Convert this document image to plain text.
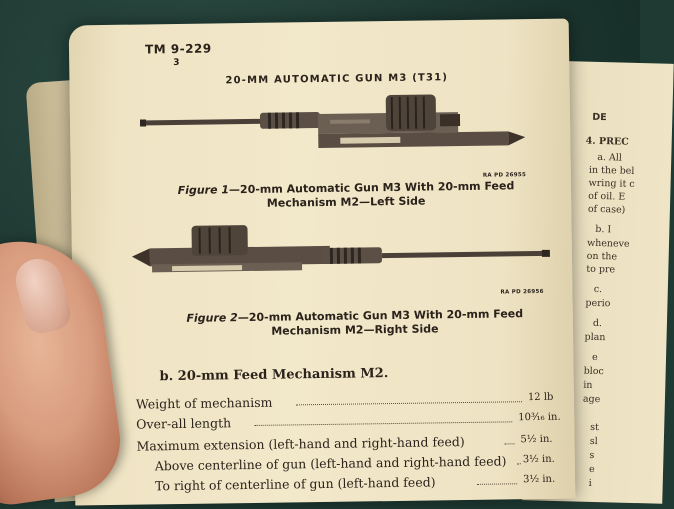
DE
4. PREC
a. All
in the bel
wring it c
of oil. E
of case)
b. I
wheneve
on the
to pre
c.
perio
d.
plan
e
bloc
in
age
st
sl
s
e
i
TM 9-229
3
20-MM AUTOMATIC GUN M3 (T31)
RA PD 26955
Figure 1—20-mm Automatic Gun M3 With 20-mm Feed
Mechanism M2—Left Side
RA PD 26956
Figure 2—20-mm Automatic Gun M3 With 20-mm Feed
Mechanism M2—Right Side
b. 20-mm Feed Mechanism M2.
Weight of mechanism	12 lb
Over-all length	10³⁄₁₆ in.
Maximum extension (left-hand and right-hand feed)	5½ in.
Above centerline of gun (left-hand and right-hand feed) 3½ in.
To right of centerline of gun (left-hand feed)	3½ in.
